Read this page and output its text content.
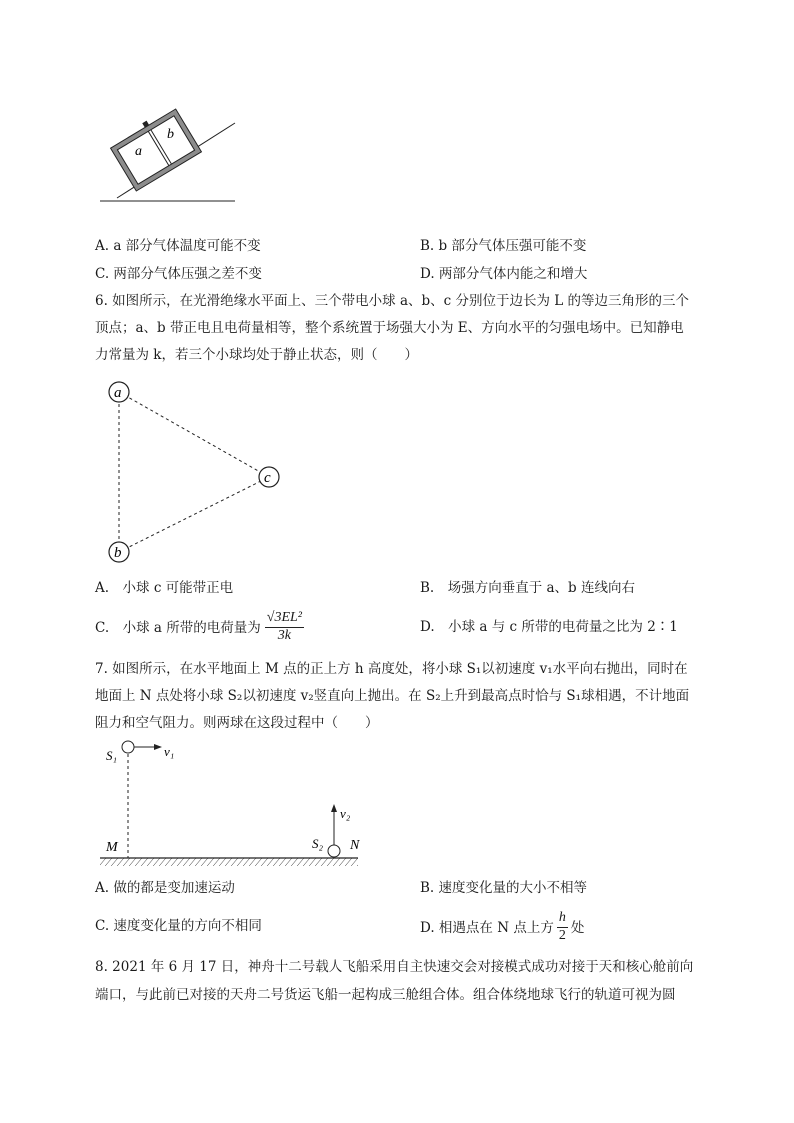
a
b
A. a 部分气体温度可能不变	B. b 部分气体压强可能不变
C. 两部分气体压强之差不变	D. 两部分气体内能之和增大
6. 如图所示，在光滑绝缘水平面上、三个带电小球 a、b、c 分别位于边长为 L 的等边三角形的三个
顶点；a、b 带正电且电荷量相等，整个系统置于场强大小为 E、方向水平的匀强电场中。已知静电
力常量为 k，若三个小球均处于静止状态，则（　　）
a
b
c
A.　小球 c 可能带正电	B.　场强方向垂直于 a、b 连线向右
C.　小球 a 所带的电荷量为 $\frac{\text{√3EL²}}{3k}$	D.　小球 a 与 c 所带的电荷量之比为 2∶1
7. 如图所示，在水平地面上 M 点的正上方 h 高度处，将小球 S₁以初速度 v₁水平向右抛出，同时在
地面上 N 点处将小球 S₂以初速度 v₂竖直向上抛出。在 S₂上升到最高点时恰与 S₁球相遇，不计地面
阻力和空气阻力。则两球在这段过程中（　　）
S₁	v₁
v₂
S₂
M	N
A. 做的都是变加速运动	B. 速度变化量的大小不相等
C. 速度变化量的方向不相同	D. 相遇点在 N 点上方 $\frac{h}{2}$ 处
8. 2021 年 6 月 17 日，神舟十二号载人飞船采用自主快速交会对接模式成功对接于天和核心舱前向
端口，与此前已对接的天舟二号货运飞船一起构成三舱组合体。组合体绕地球飞行的轨道可视为圆
